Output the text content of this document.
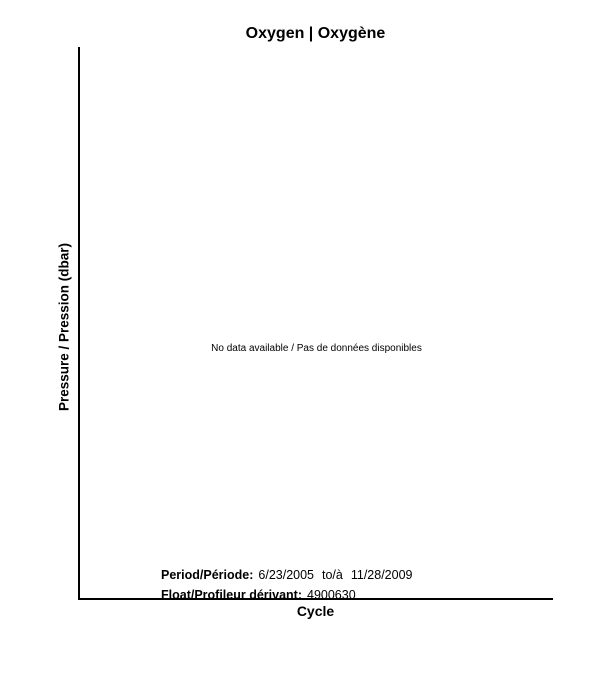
Oxygen | Oxygène
Pressure / Pression (dbar)	No data available / Pas de données disponibles
Period/Période: 6/23/2005 to/à 11/28/2009
Float/Profileur dérivant: 4900630
Cycle
